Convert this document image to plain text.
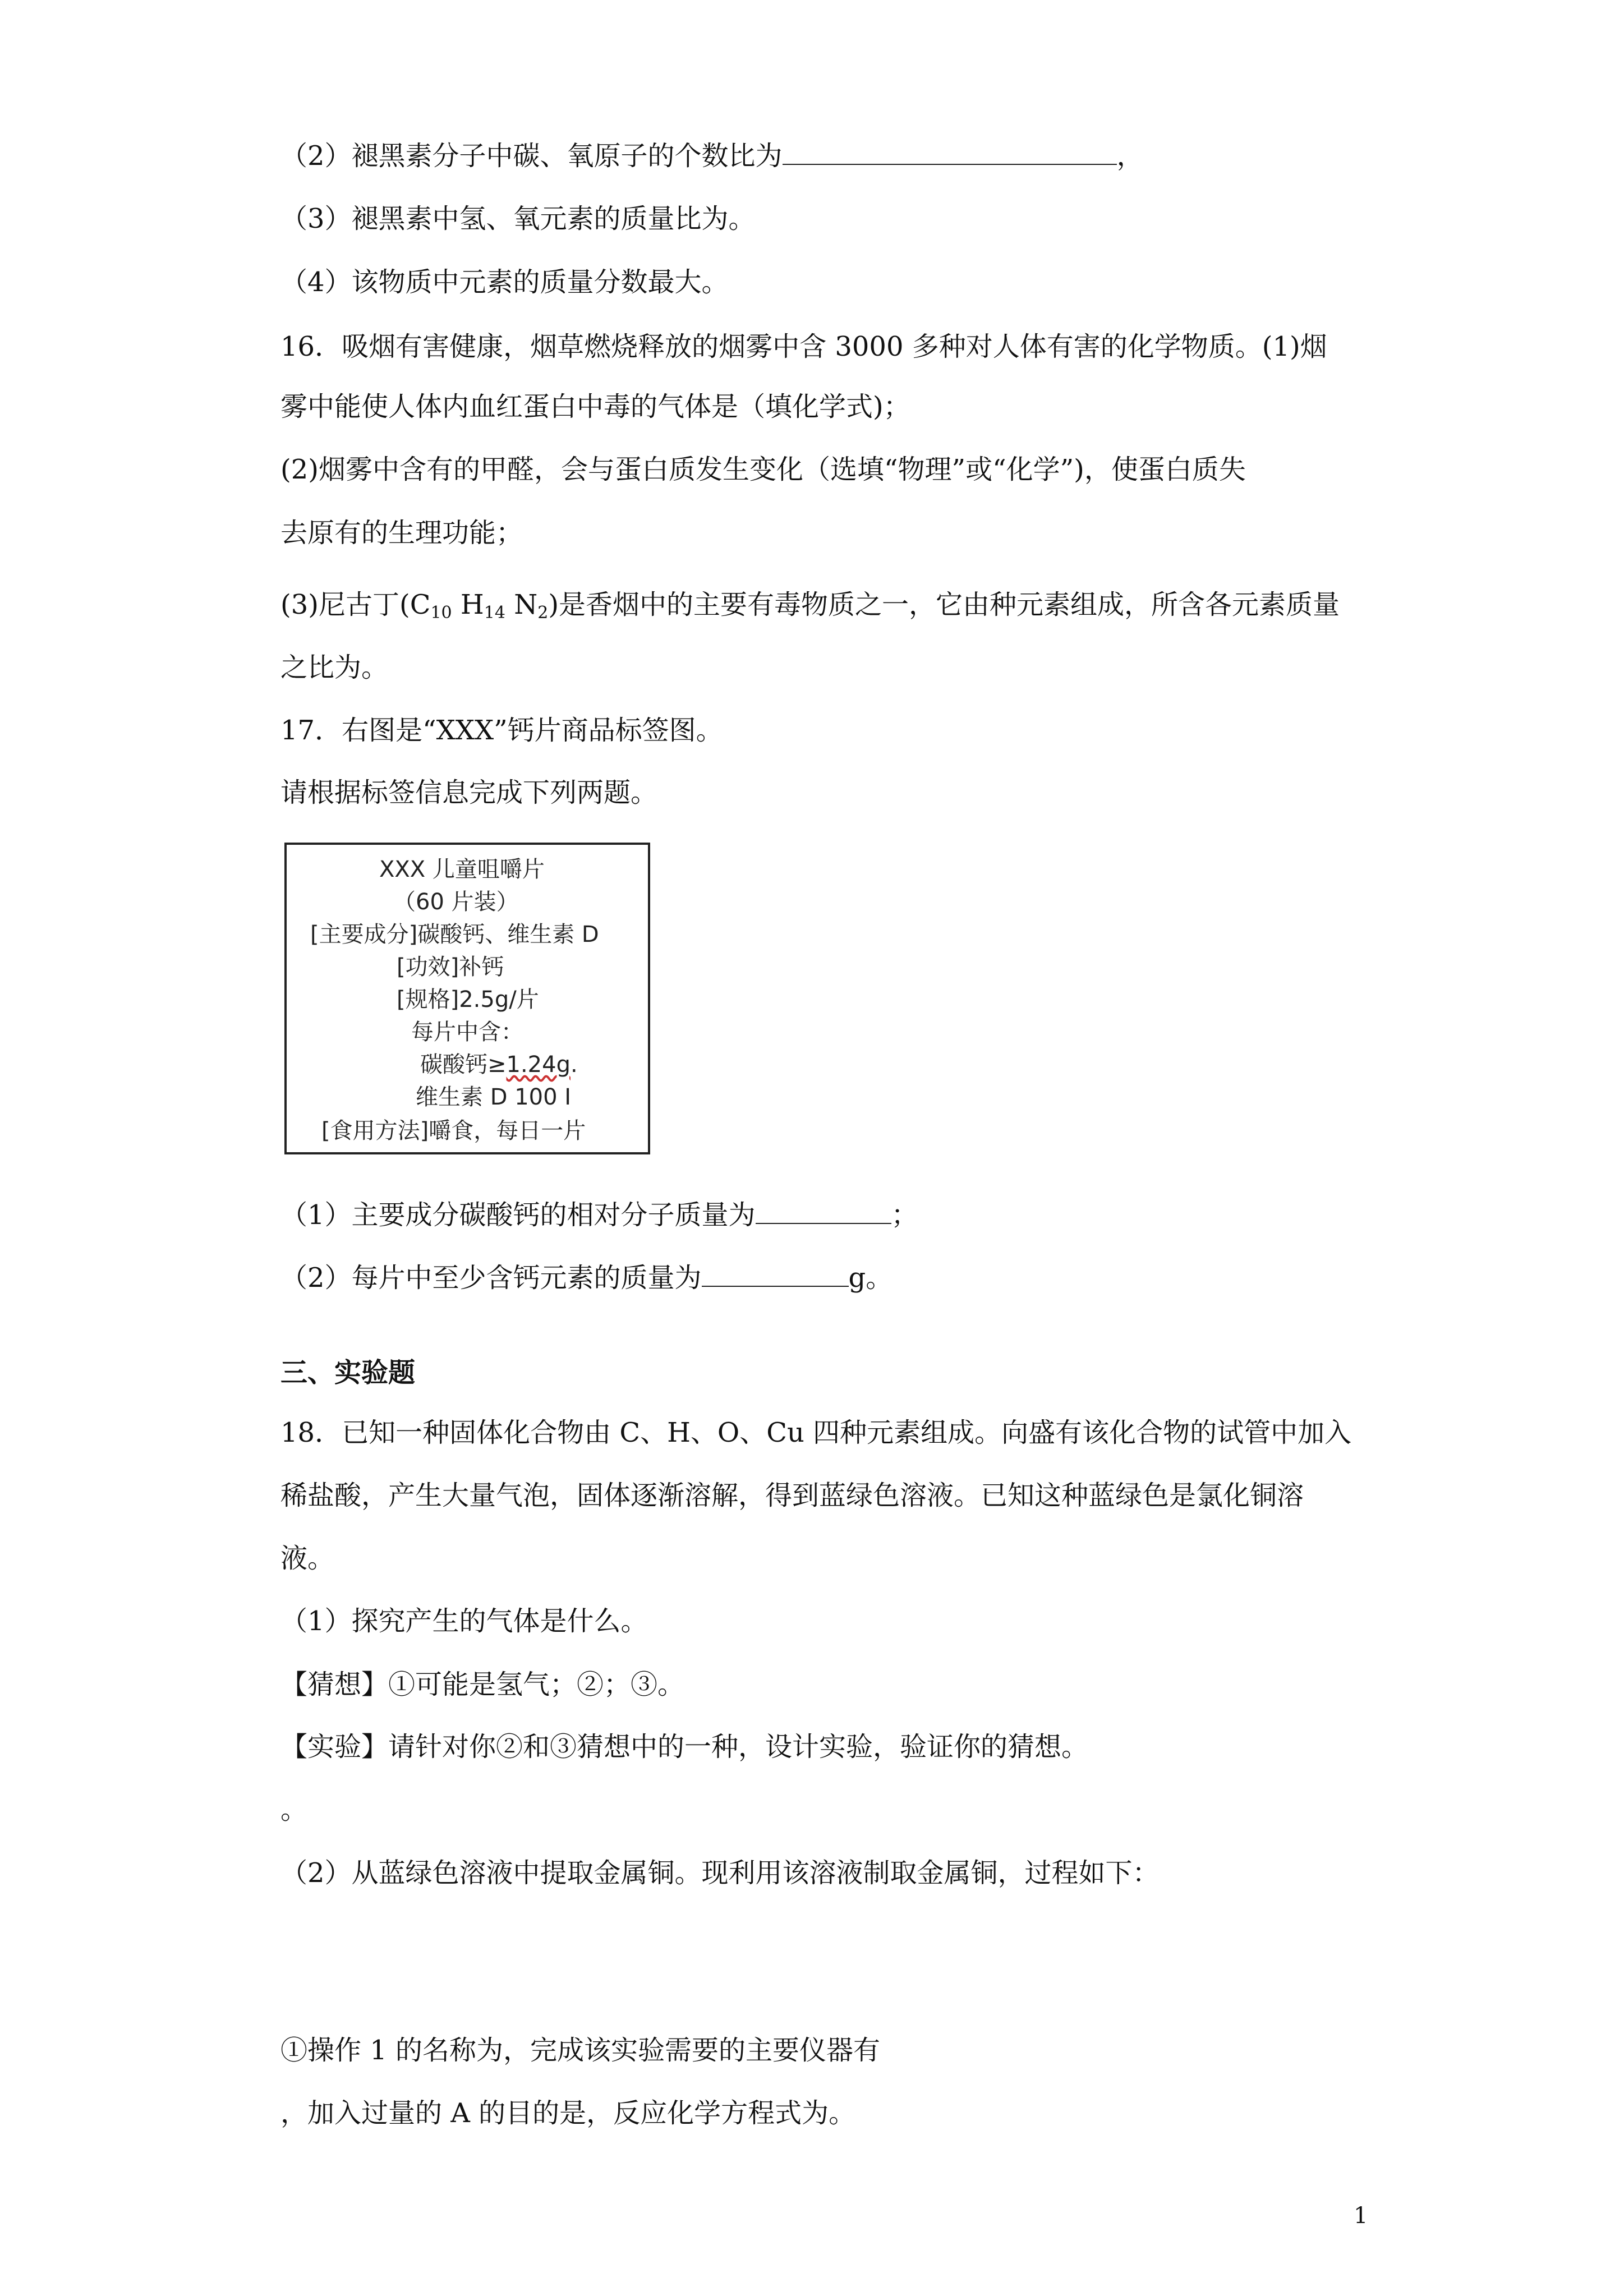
（2）褪黑素分子中碳、氧原子的个数比为	，
（3）褪黑素中氢、氧元素的质量比为。
（4）该物质中元素的质量分数最大。
16．吸烟有害健康，烟草燃烧释放的烟雾中含 3000 多种对人体有害的化学物质。(1)烟
雾中能使人体内血红蛋白中毒的气体是（填化学式)；
(2)烟雾中含有的甲醛，会与蛋白质发生变化（选填“物理”或“化学”)，使蛋白质失
去原有的生理功能；
(3)尼古丁($C_{10}$ $H_{14}$ $N_2$)是香烟中的主要有毒物质之一，它由种元素组成，所含各元素质量
之比为。
17．右图是“XXX”钙片商品标签图。
请根据标签信息完成下列两题。
XXX 儿童咀嚼片
（60 片装）
[主要成分]碳酸钙、维生素 D
[功效]补钙
[规格]2.5g/片
每片中含：
碳酸钙≥1.24g.
维生素 D 100 I
[食用方法]嚼食，每日一片
（1）主要成分碳酸钙的相对分子质量为	；
（2）每片中至少含钙元素的质量为	g。
三、实验题
18．已知一种固体化合物由 C、H、O、Cu 四种元素组成。向盛有该化合物的试管中加入
稀盐酸，产生大量气泡，固体逐渐溶解，得到蓝绿色溶液。已知这种蓝绿色是氯化铜溶
液。
（1）探究产生的气体是什么。
【猜想】①可能是氢气；②；③。
【实验】请针对你②和③猜想中的一种，设计实验，验证你的猜想。
。
（2）从蓝绿色溶液中提取金属铜。现利用该溶液制取金属铜，过程如下：
①操作 1 的名称为，完成该实验需要的主要仪器有
，加入过量的 A 的目的是，反应化学方程式为。
1
